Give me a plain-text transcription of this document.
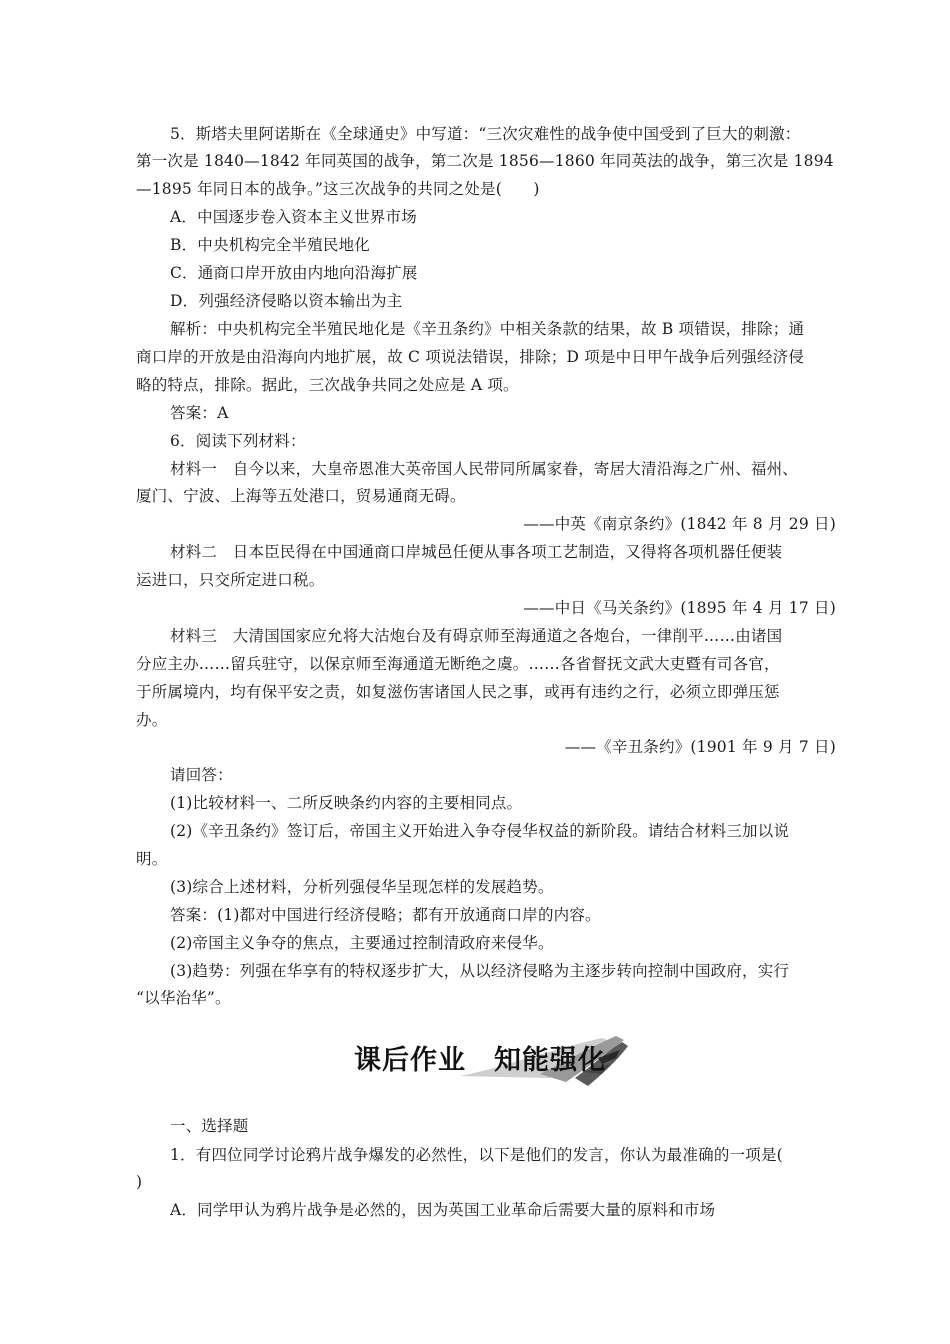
5．斯塔夫里阿诺斯在《全球通史》中写道：“三次灾难性的战争使中国受到了巨大的刺激：
第一次是 1840—1842 年同英国的战争，第二次是 1856—1860 年同英法的战争，第三次是 1894
—1895 年同日本的战争。”这三次战争的共同之处是(　　)
A．中国逐步卷入资本主义世界市场
B．中央机构完全半殖民地化
C．通商口岸开放由内地向沿海扩展
D．列强经济侵略以资本输出为主
解析：中央机构完全半殖民地化是《辛丑条约》中相关条款的结果，故 B 项错误，排除；通
商口岸的开放是由沿海向内地扩展，故 C 项说法错误，排除；D 项是中日甲午战争后列强经济侵
略的特点，排除。据此，三次战争共同之处应是 A 项。
答案：A
6．阅读下列材料：
材料一　自今以来，大皇帝恩准大英帝国人民带同所属家眷，寄居大清沿海之广州、福州、
厦门、宁波、上海等五处港口，贸易通商无碍。
——中英《南京条约》(1842 年 8 月 29 日)
材料二　日本臣民得在中国通商口岸城邑任便从事各项工艺制造，又得将各项机器任便装
运进口，只交所定进口税。
——中日《马关条约》(1895 年 4 月 17 日)
材料三　大清国国家应允将大沽炮台及有碍京师至海通道之各炮台，一律削平……由诸国
分应主办……留兵驻守，以保京师至海通道无断绝之虞。……各省督抚文武大吏暨有司各官，
于所属境内，均有保平安之责，如复滋伤害诸国人民之事，或再有违约之行，必须立即弹压惩
办。
——《辛丑条约》(1901 年 9 月 7 日)
请回答：
(1)比较材料一、二所反映条约内容的主要相同点。
(2)《辛丑条约》签订后，帝国主义开始进入争夺侵华权益的新阶段。请结合材料三加以说
明。
(3)综合上述材料，分析列强侵华呈现怎样的发展趋势。
答案：(1)都对中国进行经济侵略；都有开放通商口岸的内容。
(2)帝国主义争夺的焦点，主要通过控制清政府来侵华。
(3)趋势：列强在华享有的特权逐步扩大，从以经济侵略为主逐步转向控制中国政府，实行
“以华治华”。
课后作业　知能强化
一、选择题
1．有四位同学讨论鸦片战争爆发的必然性，以下是他们的发言，你认为最准确的一项是(
)
A．同学甲认为鸦片战争是必然的，因为英国工业革命后需要大量的原料和市场
